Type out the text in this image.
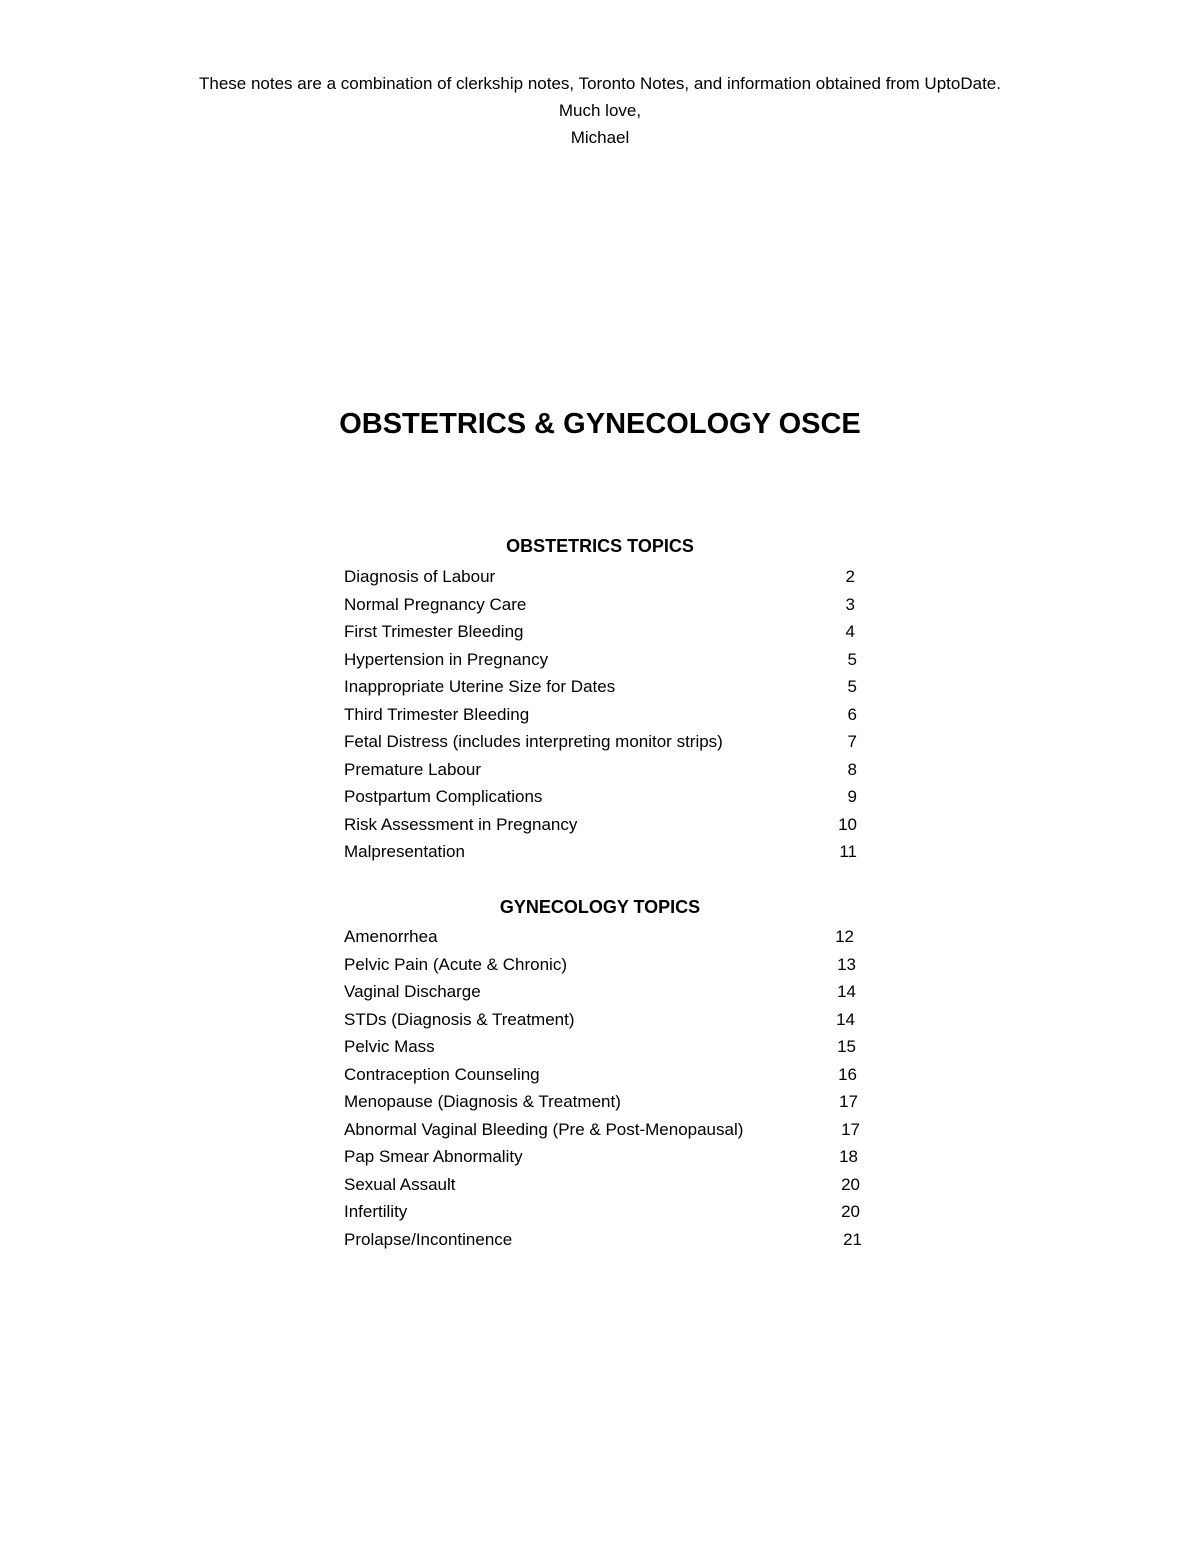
These notes are a combination of clerkship notes, Toronto Notes, and information obtained from UptoDate.
Much love,
Michael
OBSTETRICS & GYNECOLOGY OSCE
OBSTETRICS TOPICS
Diagnosis of Labour	2
Normal Pregnancy Care	3
First Trimester Bleeding	4
Hypertension in Pregnancy	5
Inappropriate Uterine Size for Dates	5
Third Trimester Bleeding	6
Fetal Distress (includes interpreting monitor strips)	7
Premature Labour	8
Postpartum Complications	9
Risk Assessment in Pregnancy	10
Malpresentation	11
GYNECOLOGY TOPICS
Amenorrhea	12
Pelvic Pain (Acute & Chronic)	13
Vaginal Discharge	14
STDs (Diagnosis & Treatment)	14
Pelvic Mass	15
Contraception Counseling	16
Menopause (Diagnosis & Treatment)	17
Abnormal Vaginal Bleeding (Pre & Post-Menopausal)	17
Pap Smear Abnormality	18
Sexual Assault	20
Infertility	20
Prolapse/Incontinence	21
